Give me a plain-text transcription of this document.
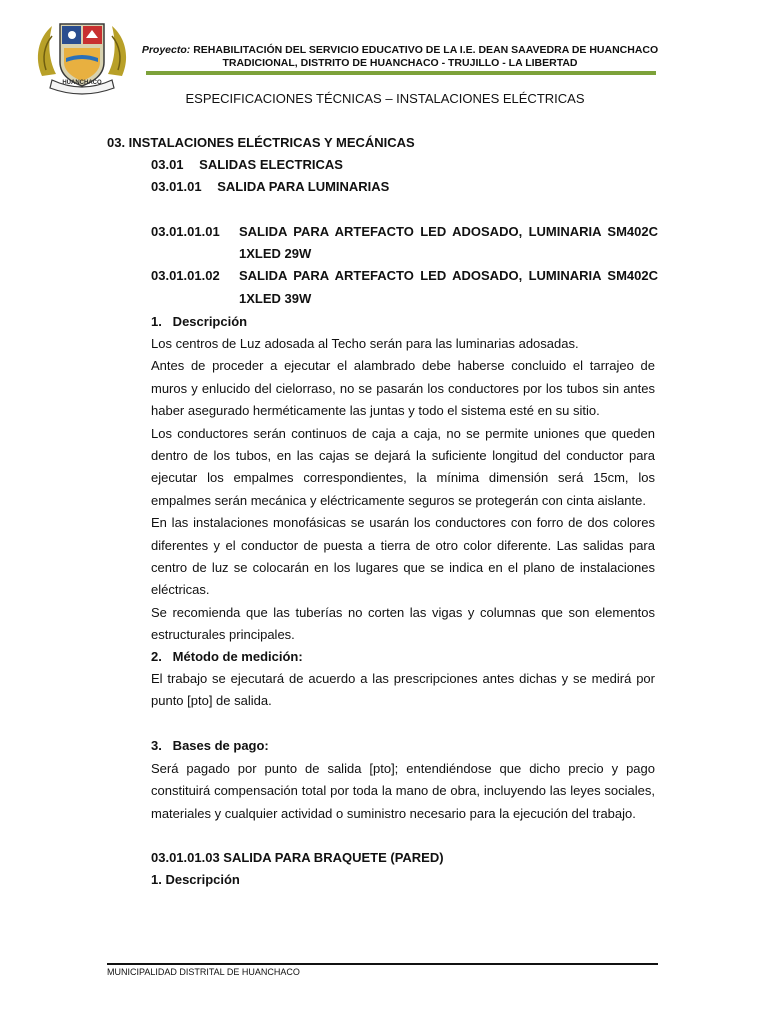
HUANCHACO
Proyecto: REHABILITACIÓN DEL SERVICIO EDUCATIVO DE LA I.E. DEAN SAAVEDRA DE HUANCHACO
TRADICIONAL, DISTRITO DE HUANCHACO - TRUJILLO - LA LIBERTAD
ESPECIFICACIONES TÉCNICAS – INSTALACIONES ELÉCTRICAS
03. INSTALACIONES ELÉCTRICAS Y MECÁNICAS
03.01 SALIDAS ELECTRICAS
03.01.01 SALIDA PARA LUMINARIAS
03.01.01.01 SALIDA PARA ARTEFACTO LED ADOSADO, LUMINARIA SM402C
1XLED 29W
03.01.01.02 SALIDA PARA ARTEFACTO LED ADOSADO, LUMINARIA SM402C
1XLED 39W
1.   Descripción

Los centros de Luz adosada al Techo serán para las luminarias adosadas.

Antes de proceder a ejecutar el alambrado debe haberse concluido el tarrajeo de muros y enlucido del cielorraso, no se pasarán los conductores por los tubos sin antes haber asegurado herméticamente las juntas y todo el sistema esté en su sitio.

Los conductores serán continuos de caja a caja, no se permite uniones que queden dentro de los tubos, en las cajas se dejará la suficiente longitud del conductor para ejecutar los empalmes correspondientes, la mínima dimensión será 15cm, los empalmes serán mecánica y eléctricamente seguros se protegerán con cinta aislante.

En las instalaciones monofásicas se usarán los conductores con forro de dos colores diferentes y el conductor de puesta a tierra de otro color diferente. Las salidas para centro de luz se colocarán en los lugares que se indica en el plano de instalaciones eléctricas.

Se recomienda que las tuberías no corten las vigas y columnas que son elementos estructurales principales.

2.   Método de medición:

El trabajo se ejecutará de acuerdo a las prescripciones antes dichas y se medirá por punto [pto] de salida.

3.   Bases de pago:

Será pagado por punto de salida [pto]; entendiéndose que dicho precio y pago constituirá compensación total por toda la mano de obra, incluyendo las leyes sociales, materiales y cualquier actividad o suministro necesario para la ejecución del trabajo.

03.01.01.03 SALIDA PARA BRAQUETE (PARED)
1. Descripción
MUNICIPALIDAD DISTRITAL DE HUANCHACO
